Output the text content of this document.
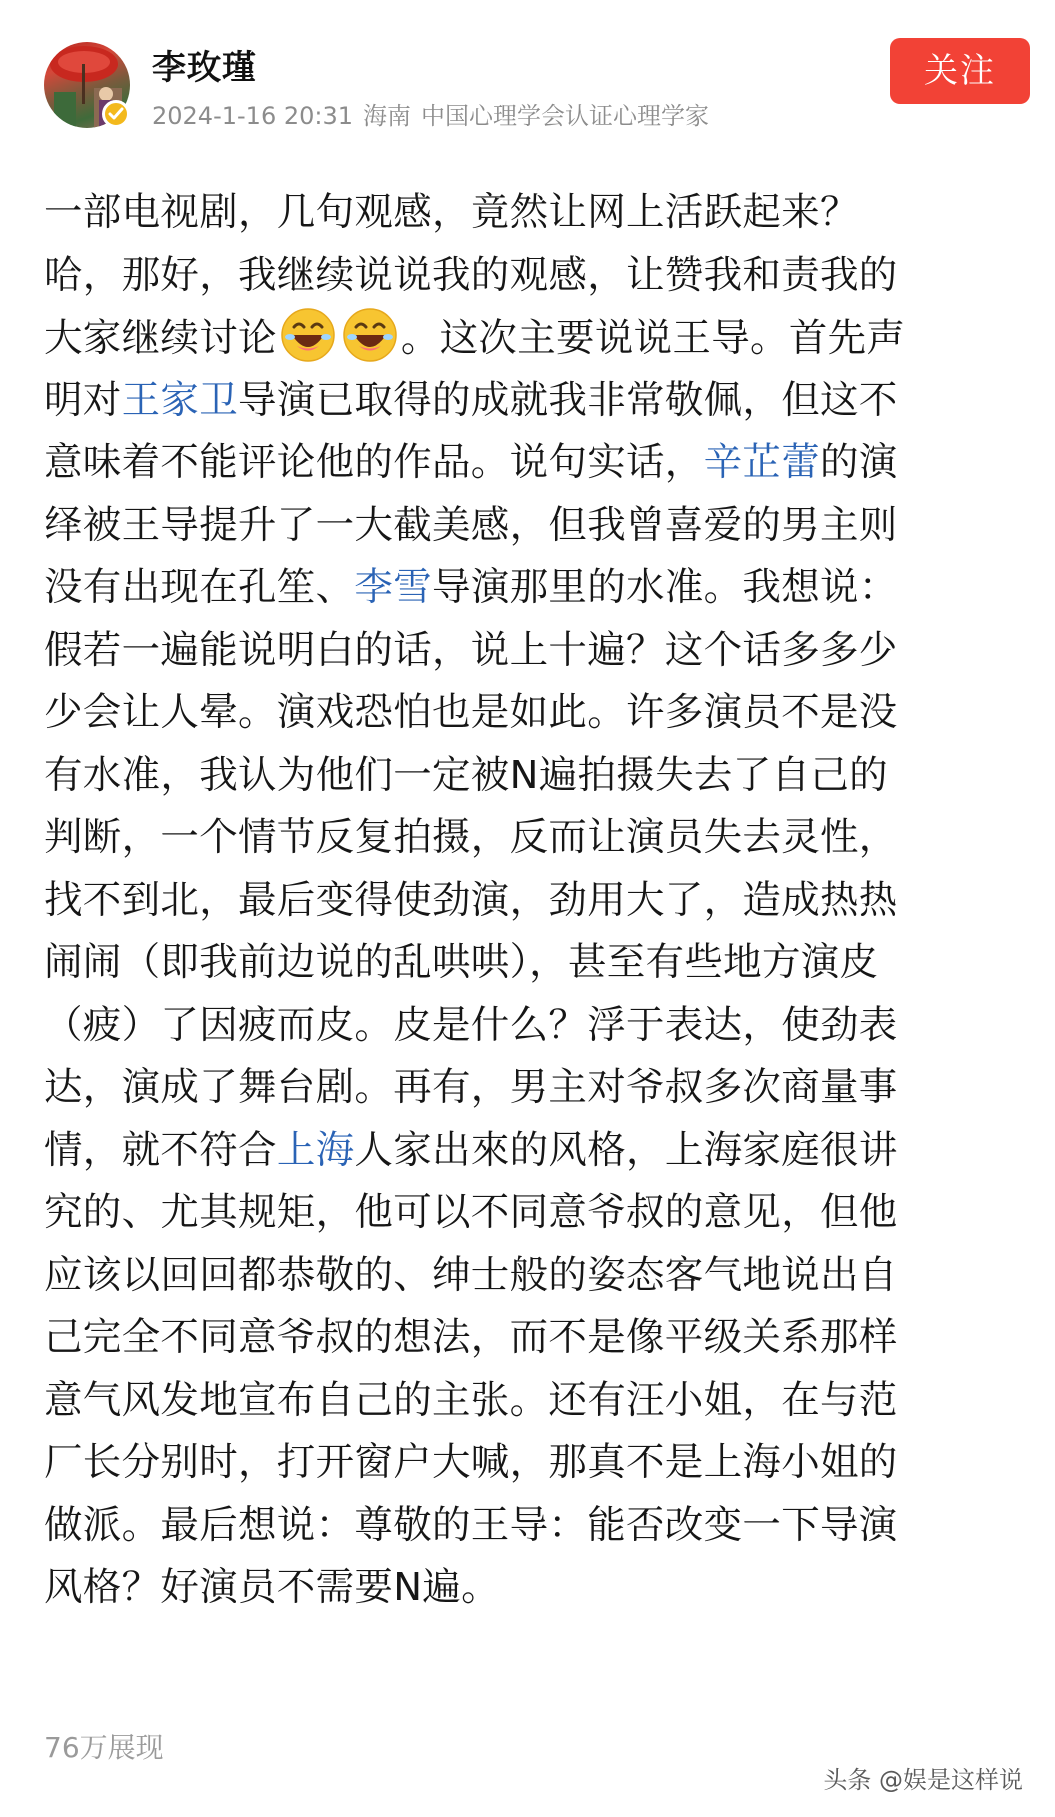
李玫瑾
2024-1-16 20:31 海南 中国心理学会认证心理学家
关注
一部电视剧，几句观感，竟然让网上活跃起来？
哈，那好，我继续说说我的观感，让赞我和责我的
大家继续讨论	。这次主要说说王导。首先声
明对王家卫导演已取得的成就我非常敬佩，但这不
意味着不能评论他的作品。说句实话，辛芷蕾的演
绎被王导提升了一大截美感，但我曾喜爱的男主则
没有出现在孔笙、李雪导演那里的水准。我想说：
假若一遍能说明白的话，说上十遍？这个话多多少
少会让人晕。演戏恐怕也是如此。许多演员不是没
有水准，我认为他们一定被N遍拍摄失去了自己的
判断，一个情节反复拍摄，反而让演员失去灵性，
找不到北，最后变得使劲演，劲用大了，造成热热
闹闹（即我前边说的乱哄哄），甚至有些地方演皮
（疲）了因疲而皮。皮是什么？浮于表达，使劲表
达，演成了舞台剧。再有，男主对爷叔多次商量事
情，就不符合上海人家出來的风格，上海家庭很讲
究的、尤其规矩，他可以不同意爷叔的意见，但他
应该以回回都恭敬的、绅士般的姿态客气地说出自
己完全不同意爷叔的想法，而不是像平级关系那样
意气风发地宣布自己的主张。还有汪小姐，在与范
厂长分别时，打开窗户大喊，那真不是上海小姐的
做派。最后想说：尊敬的王导：能否改变一下导演
风格？好演员不需要N遍。
76万展现
头条 @娱是这样说
